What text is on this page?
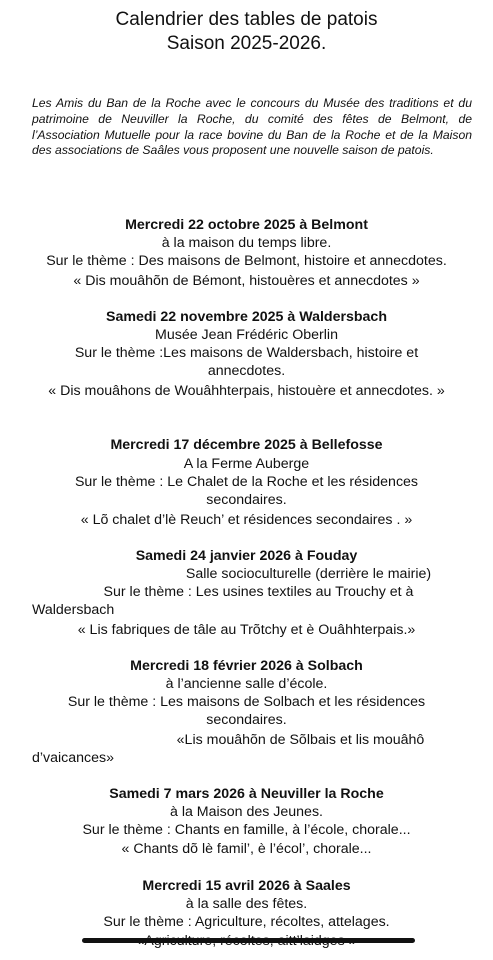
Calendrier des tables de patois
Saison 2025-2026.
Les Amis du Ban de la Roche avec le concours du Musée des traditions et du patrimoine de Neuviller la Roche, du comité des fêtes de Belmont, de l’Association Mutuelle pour la race bovine du Ban de la Roche et de la Maison des associations de Saâles vous proposent une nouvelle saison de patois.
Mercredi 22 octobre 2025 à Belmont
à la maison du temps libre.
Sur le thème : Des maisons de Belmont, histoire et annecdotes.
« Dis mouâhõn de Bémont, histouères et annecdotes »
Samedi 22 novembre 2025 à Waldersbach
Musée Jean Frédéric Oberlin
Sur le thème :Les maisons de Waldersbach, histoire et
annecdotes.
« Dis mouâhons de Wouâhhterpais, histouère et annecdotes. »
Mercredi 17 décembre 2025 à Bellefosse
A la Ferme Auberge
Sur le thème : Le Chalet de la Roche et les résidences
secondaires.
« Lõ chalet d’lè Reuch’ et résidences secondaires . »
Samedi 24 janvier 2026 à Fouday
Salle socioculturelle (derrière le mairie)
Sur le thème : Les usines textiles au Trouchy et à
Waldersbach
« Lis fabriques de tâle au Trõtchy et è Ouâhhterpais.»
Mercredi 18 février 2026 à Solbach
à l’ancienne salle d’école.
Sur le thème : Les maisons de Solbach et les résidences
secondaires.
«Lis mouâhõn de Sõlbais et lis mouâhô
d’vaicances»
Samedi 7 mars 2026 à Neuviller la Roche
à la Maison des Jeunes.
Sur le thème : Chants en famille, à l’école, chorale...
« Chants dõ lè famil’, è l’écol’, chorale...
Mercredi 15 avril 2026 à Saales
à la salle des fêtes.
Sur le thème : Agriculture, récoltes, attelages.
